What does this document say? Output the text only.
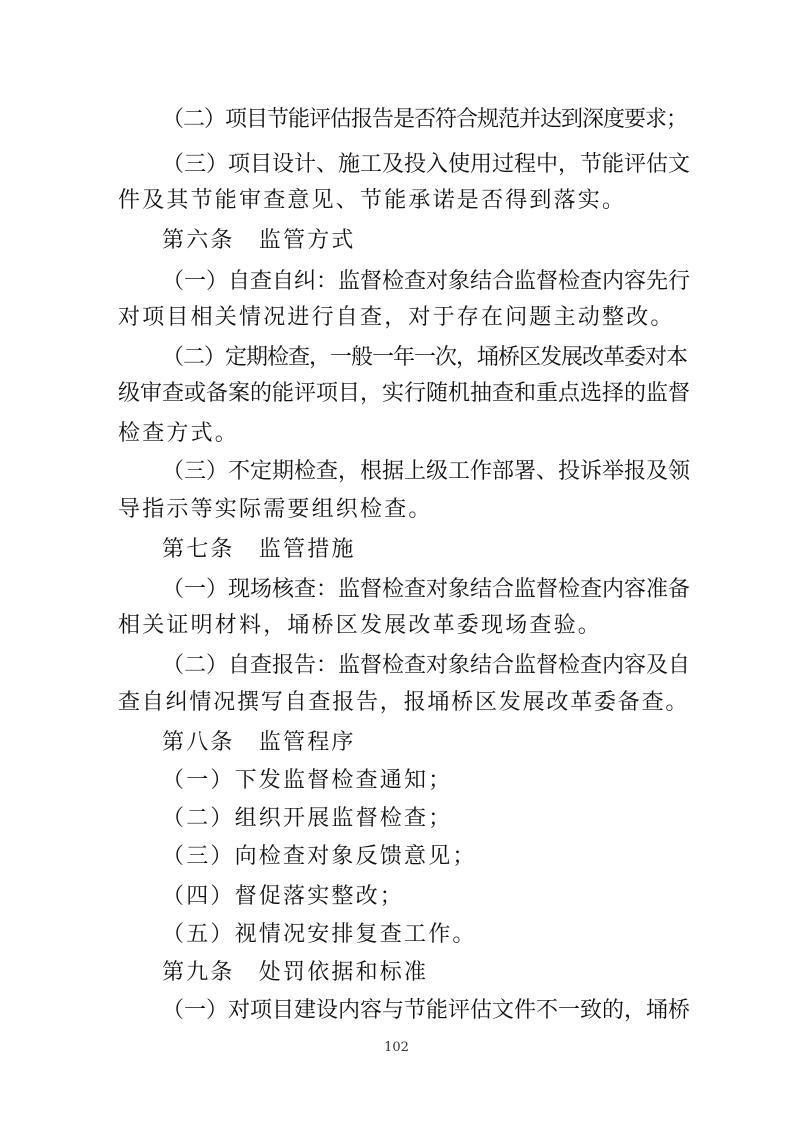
（二）项目节能评估报告是否符合规范并达到深度要求；
（三）项目设计、施工及投入使用过程中，节能评估文
件及其节能审查意见、节能承诺是否得到落实。
第六条　监管方式
（一）自查自纠：监督检查对象结合监督检查内容先行
对项目相关情况进行自查，对于存在问题主动整改。
（二）定期检查，一般一年一次，埇桥区发展改革委对本
级审查或备案的能评项目，实行随机抽查和重点选择的监督
检查方式。
（三）不定期检查，根据上级工作部署、投诉举报及领
导指示等实际需要组织检查。
第七条　监管措施
（一）现场核查：监督检查对象结合监督检查内容准备
相关证明材料，埇桥区发展改革委现场查验。
（二）自查报告：监督检查对象结合监督检查内容及自
查自纠情况撰写自查报告，报埇桥区发展改革委备查。
第八条　监管程序
（一）下发监督检查通知；
（二）组织开展监督检查；
（三）向检查对象反馈意见；
（四）督促落实整改；
（五）视情况安排复查工作。
第九条　处罚依据和标准
（一）对项目建设内容与节能评估文件不一致的，埇桥
102
